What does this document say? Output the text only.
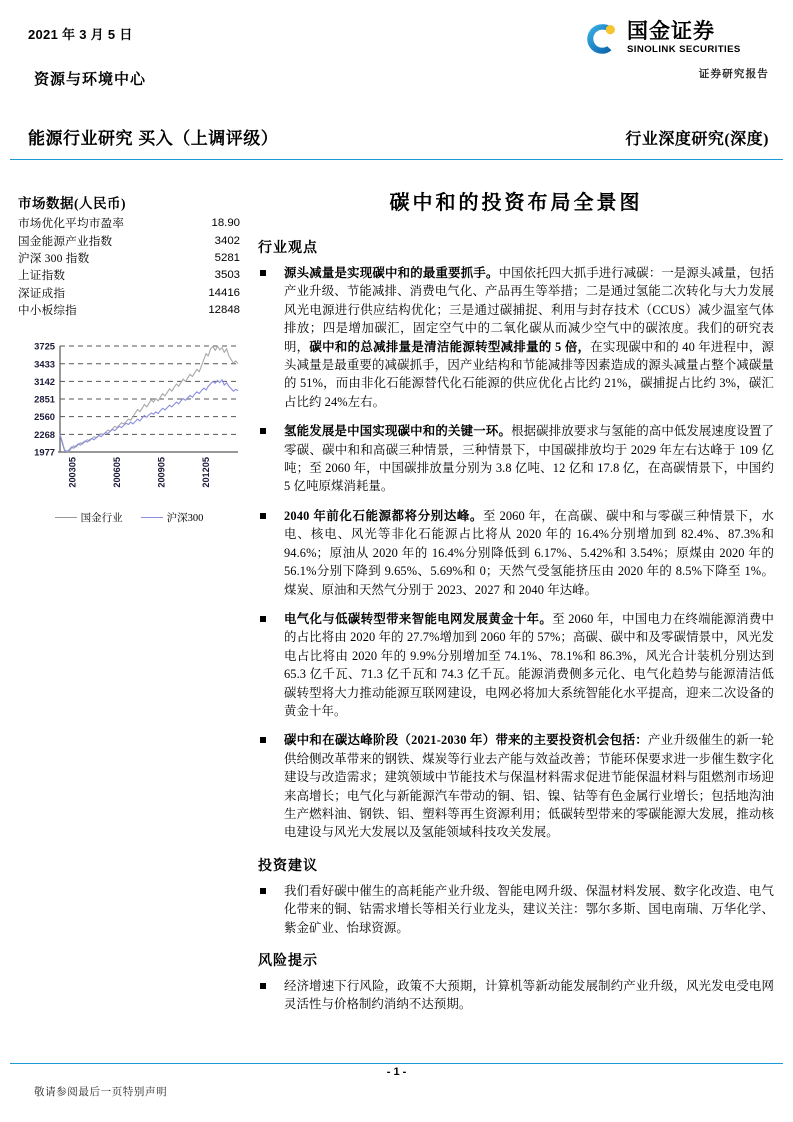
2021 年 3 月 5 日
资源与环境中心
国金证券
SINOLINK SECURITIES
证券研究报告
能源行业研究 买入（上调评级）	行业深度研究(深度)
市场数据(人民币)
市场优化平均市盈率	18.90
国金能源产业指数	3402
沪深 300 指数	5281
上证指数	3503
深证成指	14416
中小板综指	12848
3725
3433
3142
2851
2560
2268
1977
200305	200605	200905	201205
国金行业	沪深300
碳中和的投资布局全景图
行业观点
源头减量是实现碳中和的最重要抓手。中国依托四大抓手进行减碳：一是源头减量，包括产业升级、节能减排、消费电气化、产品再生等举措；二是通过氢能二次转化与大力发展风光电源进行供应结构优化；三是通过碳捕捉、利用与封存技术（CCUS）减少温室气体排放；四是增加碳汇，固定空气中的二氧化碳从而减少空气中的碳浓度。我们的研究表明，碳中和的总减排量是清洁能源转型减排量的 5 倍，在实现碳中和的 40 年进程中，源头减量是最重要的减碳抓手，因产业结构和节能减排等因素造成的源头减量占整个减碳量的 51%，而由非化石能源替代化石能源的供应优化占比约 21%，碳捕捉占比约 3%，碳汇占比约 24%左右。
氢能发展是中国实现碳中和的关键一环。根据碳排放要求与氢能的高中低发展速度设置了零碳、碳中和和高碳三种情景，三种情景下，中国碳排放均于 2029 年左右达峰于 109 亿吨；至 2060 年，中国碳排放量分别为 3.8 亿吨、12 亿和 17.8 亿，在高碳情景下，中国约 5 亿吨原煤消耗量。
2040 年前化石能源都将分别达峰。至 2060 年，在高碳、碳中和与零碳三种情景下，水电、核电、风光等非化石能源占比将从 2020 年的 16.4%分别增加到 82.4%、87.3%和 94.6%；原油从 2020 年的 16.4%分别降低到 6.17%、5.42%和 3.54%；原煤由 2020 年的 56.1%分别下降到 9.65%、5.69%和 0；天然气受氢能挤压由 2020 年的 8.5%下降至 1%。煤炭、原油和天然气分别于 2023、2027 和 2040 年达峰。
电气化与低碳转型带来智能电网发展黄金十年。至 2060 年，中国电力在终端能源消费中的占比将由 2020 年的 27.7%增加到 2060 年的 57%；高碳、碳中和及零碳情景中，风光发电占比将由 2020 年的 9.9%分别增加至 74.1%、78.1%和 86.3%，风光合计装机分别达到 65.3 亿千瓦、71.3 亿千瓦和 74.3 亿千瓦。能源消费侧多元化、电气化趋势与能源清洁低碳转型将大力推动能源互联网建设，电网必将加大系统智能化水平提高，迎来二次设备的黄金十年。
碳中和在碳达峰阶段（2021-2030 年）带来的主要投资机会包括：产业升级催生的新一轮供给侧改革带来的钢铁、煤炭等行业去产能与效益改善；节能环保要求进一步催生数字化建设与改造需求；建筑领域中节能技术与保温材料需求促进节能保温材料与阻燃剂市场迎来高增长；电气化与新能源汽车带动的铜、铝、镍、钴等有色金属行业增长；包括地沟油生产燃料油、钢铁、铝、塑料等再生资源利用；低碳转型带来的零碳能源大发展，推动核电建设与风光大发展以及氢能领域科技攻关发展。
投资建议
我们看好碳中催生的高耗能产业升级、智能电网升级、保温材料发展、数字化改造、电气化带来的铜、钴需求增长等相关行业龙头，建议关注：鄂尔多斯、国电南瑞、万华化学、紫金矿业、怡球资源。
风险提示
经济增速下行风险，政策不大预期，计算机等新动能发展制约产业升级，风光发电受电网灵活性与价格制约消纳不达预期。
- 1 -
敬请参阅最后一页特别声明
